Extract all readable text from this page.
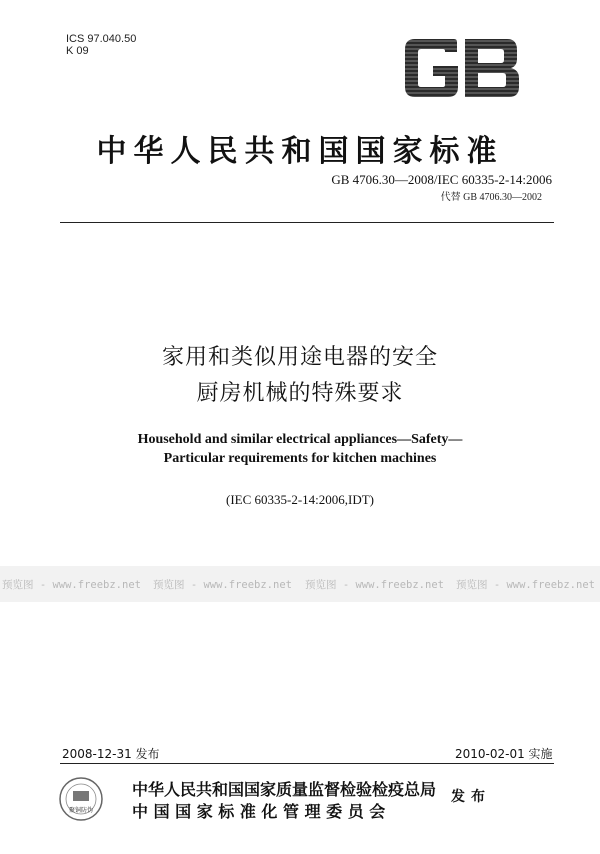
ICS 97.040.50
K 09
中华人民共和国国家标准
GB 4706.30—2008/IEC 60335-2-14:2006
代替 GB 4706.30—2002
家用和类似用途电器的安全
厨房机械的特殊要求
Household and similar electrical appliances—Safety—
Particular requirements for kitchen machines
(IEC 60335-2-14:2006,IDT)
预览图 - www.freebz.net 预览图 - www.freebz.net 预览图 - www.freebz.net 预览图 - www.freebz.net
2008-12-31 发布	2010-02-01 实施
聚铜防伪
中华人民共和国国家质量监督检验检疫总局
中 国 国 家 标 准 化 管 理 委 员 会
发布
